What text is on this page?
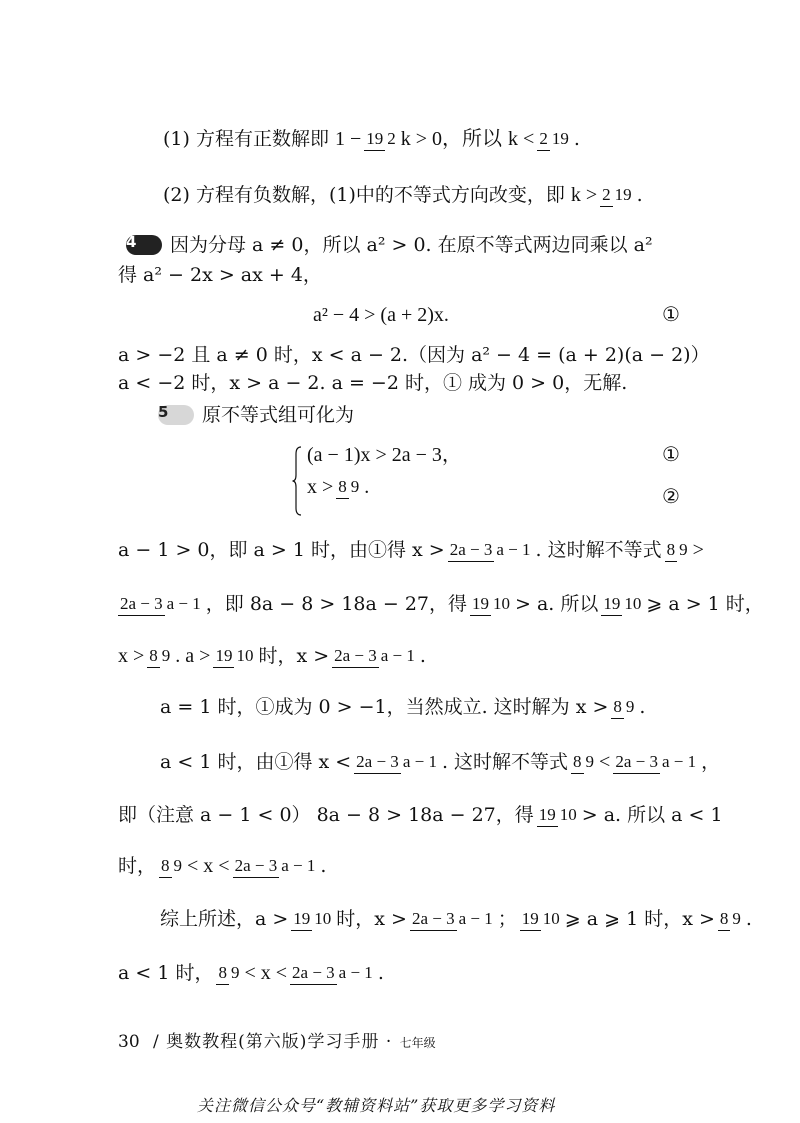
(1) 方程有正数解即 1 − 19 2 k > 0，所以 k < 2 19 .
(2) 方程有负数解，(1)中的不等式方向改变，即 k > 2 19 .
4	因为分母 a ≠ 0，所以 a² > 0. 在原不等式两边同乘以 a²
得 a² − 2x > ax + 4，
a² − 4 > (a + 2)x.	①
a > −2 且 a ≠ 0 时，x < a − 2.（因为 a² − 4 = (a + 2)(a − 2)）
a < −2 时，x > a − 2. a = −2 时，① 成为 0 > 0，无解.
5	原不等式组可化为
(a − 1)x > 2a − 3，	①
x > 8 9 .	②
a − 1 > 0，即 a > 1 时，由①得 x > 2a − 3 a − 1 . 这时解不等式 8 9 >
2a − 3 a − 1 ，即 8a − 8 > 18a − 27，得 19 10 > a. 所以 19 10 ⩾ a > 1 时，
x > 8 9 . a > 19 10 时，x > 2a − 3 a − 1 .
a = 1 时，①成为 0 > −1，当然成立. 这时解为 x > 8 9 .
a < 1 时，由①得 x < 2a − 3 a − 1 . 这时解不等式 8 9 < 2a − 3 a − 1 ，
即（注意 a − 1 < 0） 8a − 8 > 18a − 27，得 19 10 > a. 所以 a < 1
时， 8 9 < x < 2a − 3 a − 1 .
综上所述，a > 19 10 时，x > 2a − 3 a − 1 ； 19 10 ⩾ a ⩾ 1 时，x > 8 9 .
a < 1 时， 8 9 < x < 2a − 3 a − 1 .
30 / 奥数教程(第六版)学习手册 · 七年级
关注微信公众号“教辅资料站”获取更多学习资料
